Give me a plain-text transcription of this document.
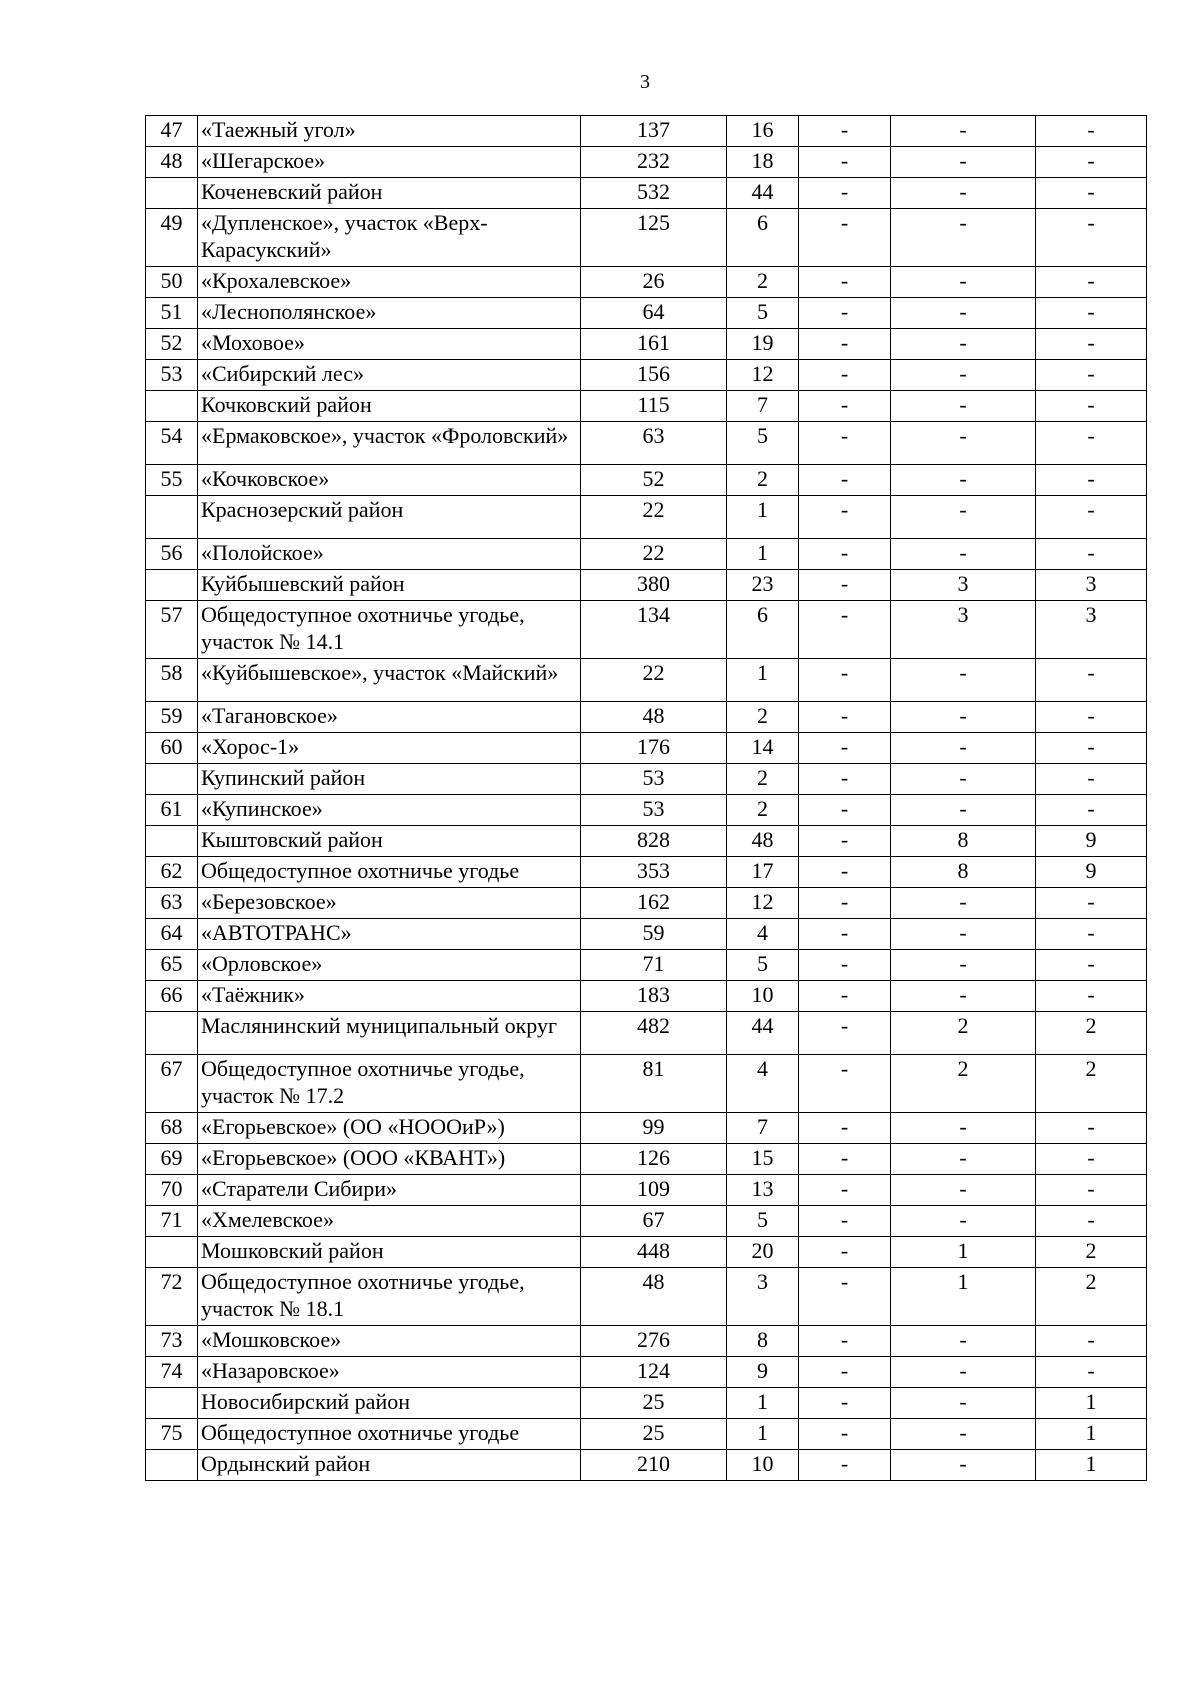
3
47	«Таежный угол»	137	16	-	-	-
48	«Шегарское»	232	18	-	-	-
	Коченевский район	532	44	-	-	-
49	«Дупленское», участок «Верх-Карасукский»	125	6	-	-	-
50	«Крохалевское»	26	2	-	-	-
51	«Леснополянское»	64	5	-	-	-
52	«Моховое»	161	19	-	-	-
53	«Сибирский лес»	156	12	-	-	-
	Кочковский район	115	7	-	-	-
54	«Ермаковское», участок «Фроловский»	63	5	-	-	-
55	«Кочковское»	52	2	-	-	-
	Краснозерский район	22	1	-	-	-
56	«Полойское»	22	1	-	-	-
	Куйбышевский район	380	23	-	3	3
57	Общедоступное охотничье угодье, участок № 14.1	134	6	-	3	3
58	«Куйбышевское», участок «Майский»	22	1	-	-	-
59	«Тагановское»	48	2	-	-	-
60	«Хорос-1»	176	14	-	-	-
	Купинский район	53	2	-	-	-
61	«Купинское»	53	2	-	-	-
	Кыштовский район	828	48	-	8	9
62	Общедоступное охотничье угодье	353	17	-	8	9
63	«Березовское»	162	12	-	-	-
64	«АВТОТРАНС»	59	4	-	-	-
65	«Орловское»	71	5	-	-	-
66	«Таёжник»	183	10	-	-	-
	Маслянинский муниципальный округ	482	44	-	2	2
67	Общедоступное охотничье угодье, участок № 17.2	81	4	-	2	2
68	«Егорьевское» (ОО «НОООиР»)	99	7	-	-	-
69	«Егорьевское» (ООО «КВАНТ»)	126	15	-	-	-
70	«Старатели Сибири»	109	13	-	-	-
71	«Хмелевское»	67	5	-	-	-
	Мошковский район	448	20	-	1	2
72	Общедоступное охотничье угодье, участок № 18.1	48	3	-	1	2
73	«Мошковское»	276	8	-	-	-
74	«Назаровское»	124	9	-	-	-
	Новосибирский район	25	1	-	-	1
75	Общедоступное охотничье угодье	25	1	-	-	1
	Ордынский район	210	10	-	-	1
